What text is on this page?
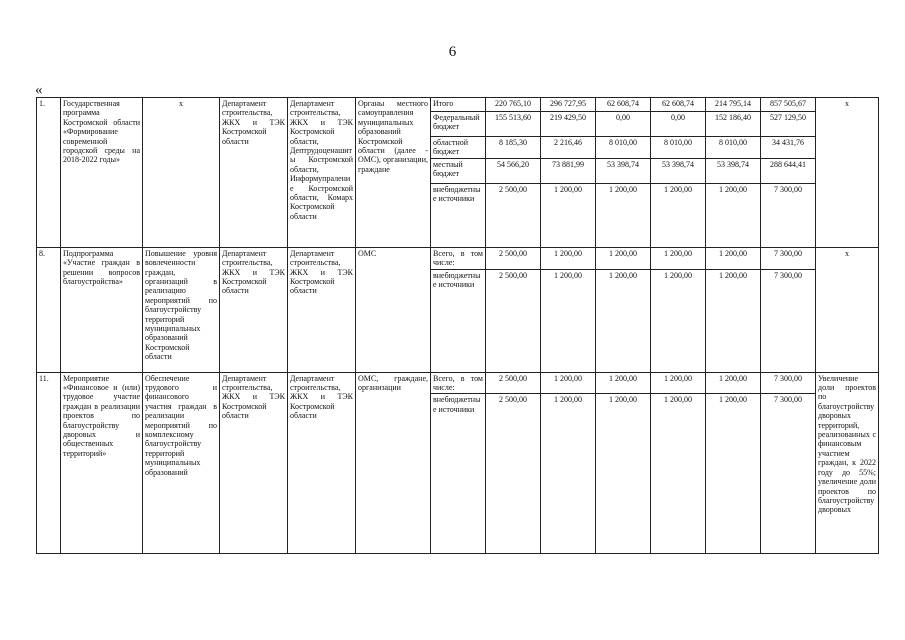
6
«
1.	Государственная программа Костромской области «Формирование современной городской среды на 2018-2022 годы»	х	Департамент строительства, ЖКХ и ТЭК Костромской области	Департамент строительства, ЖКХ и ТЭК Костромской области, Дептрудоценашиты Костромской области, Информупраление Костромской области, Комарх Костромской области	Органы местного самоуправления муниципальных образований Костромской области (далее - ОМС), организации, граждане	Итого	220 765,10	296 727,95	62 608,74	62 608,74	214 795,14	857 505,67	х
						Федеральный бюджет	155 513,60	219 429,50	0,00	0,00	152 186,40	527 129,50	
						областной бюджет	8 185,30	2 216,46	8 010,00	8 010,00	8 010,00	34 431,76	
						местный бюджет	54 566,20	73 881,99	53 398,74	53 398,74	53 398,74	288 644,41	
						внебюджетные источники	2 500,00	1 200,00	1 200,00	1 200,00	1 200,00	7 300,00	
8.	Подпрограмма «Участие граждан в решении вопросов благоустройства»	Повышение уровня вовлеченности граждан, организаций в реализацию мероприятий по благоустройству территорий муниципальных образований Костромской области	Департамент строительства, ЖКХ и ТЭК Костромской области	Департамент строительства, ЖКХ и ТЭК Костромской области	ОМС	Всего, в том числе:	2 500,00	1 200,00	1 200,00	1 200,00	1 200,00	7 300,00	х
						внебюджетные источники	2 500,00	1 200,00	1 200,00	1 200,00	1 200,00	7 300,00	
11.	Мероприятие «Финансовое и (или) трудовое участие граждан в реализации проектов по благоустройству дворовых и общественных территорий»	Обеспечение трудового и финансового участия граждан в реализации мероприятий по комплексному благоустройству территорий муниципальных образований	Департамент строительства, ЖКХ и ТЭК Костромской области	Департамент строительства, ЖКХ и ТЭК Костромской области	ОМС, граждане, организации	Всего, в том числе:	2 500,00	1 200,00	1 200,00	1 200,00	1 200,00	7 300,00	Увеличение доли проектов по благоустройству дворовых территорий, реализованных с финансовым участием граждан, к 2022 году до 55%; увеличение доли проектов по благоустройству дворовых
						внебюджетные источники	2 500,00	1 200,00	1 200,00	1 200,00	1 200,00	7 300,00	
